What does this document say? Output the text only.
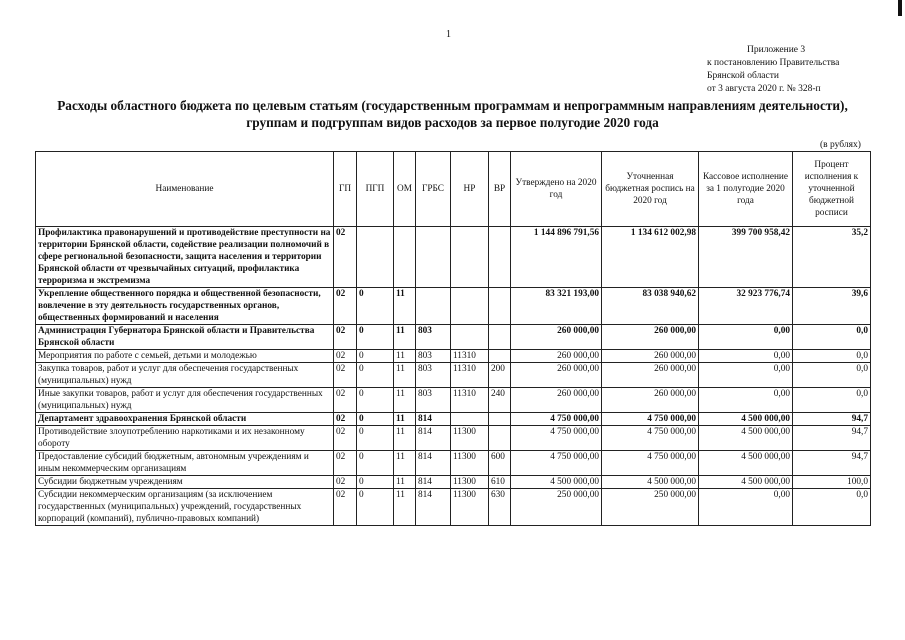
1
Приложение 3
к постановлению Правительства
Брянской области
от 3 августа 2020 г. № 328-п
Расходы областного бюджета по целевым статьям (государственным программам и непрограммным направлениям деятельности),
группам и подгруппам видов расходов за первое полугодие 2020 года
(в рублях)
Наименование	ГП	ПГП	ОМ	ГРБС	НР	ВР	Утверждено на 2020 год	Уточненная бюджетная роспись на 2020 год	Кассовое исполнение за 1 полугодие 2020 года	Процент исполнения к уточненной бюджетной росписи
Профилактика правонарушений и противодействие преступности на территории Брянской области, содействие реализации полномочий в сфере региональной безопасности, защита населения и территории Брянской области от чрезвычайных ситуаций, профилактика терроризма и экстремизма	02						1 144 896 791,56	1 134 612 002,98	399 700 958,42	35,2
Укрепление общественного порядка и общественной безопасности, вовлечение в эту деятельность государственных органов, общественных формирований и населения	02	0	11				83 321 193,00	83 038 940,62	32 923 776,74	39,6
Администрация Губернатора Брянской области и Правительства Брянской области	02	0	11	803			260 000,00	260 000,00	0,00	0,0
Мероприятия по работе с семьей, детьми и молодежью	02	0	11	803	11310		260 000,00	260 000,00	0,00	0,0
Закупка товаров, работ и услуг для обеспечения государственных (муниципальных) нужд	02	0	11	803	11310	200	260 000,00	260 000,00	0,00	0,0
Иные закупки товаров, работ и услуг для обеспечения государственных (муниципальных) нужд	02	0	11	803	11310	240	260 000,00	260 000,00	0,00	0,0
Департамент здравоохранения Брянской области	02	0	11	814			4 750 000,00	4 750 000,00	4 500 000,00	94,7
Противодействие злоупотреблению наркотиками и их незаконному обороту	02	0	11	814	11300		4 750 000,00	4 750 000,00	4 500 000,00	94,7
Предоставление субсидий бюджетным, автономным учреждениям и иным некоммерческим организациям	02	0	11	814	11300	600	4 750 000,00	4 750 000,00	4 500 000,00	94,7
Субсидии бюджетным учреждениям	02	0	11	814	11300	610	4 500 000,00	4 500 000,00	4 500 000,00	100,0
Субсидии некоммерческим организациям (за исключением государственных (муниципальных) учреждений, государственных корпораций (компаний), публично-правовых компаний)	02	0	11	814	11300	630	250 000,00	250 000,00	0,00	0,0
